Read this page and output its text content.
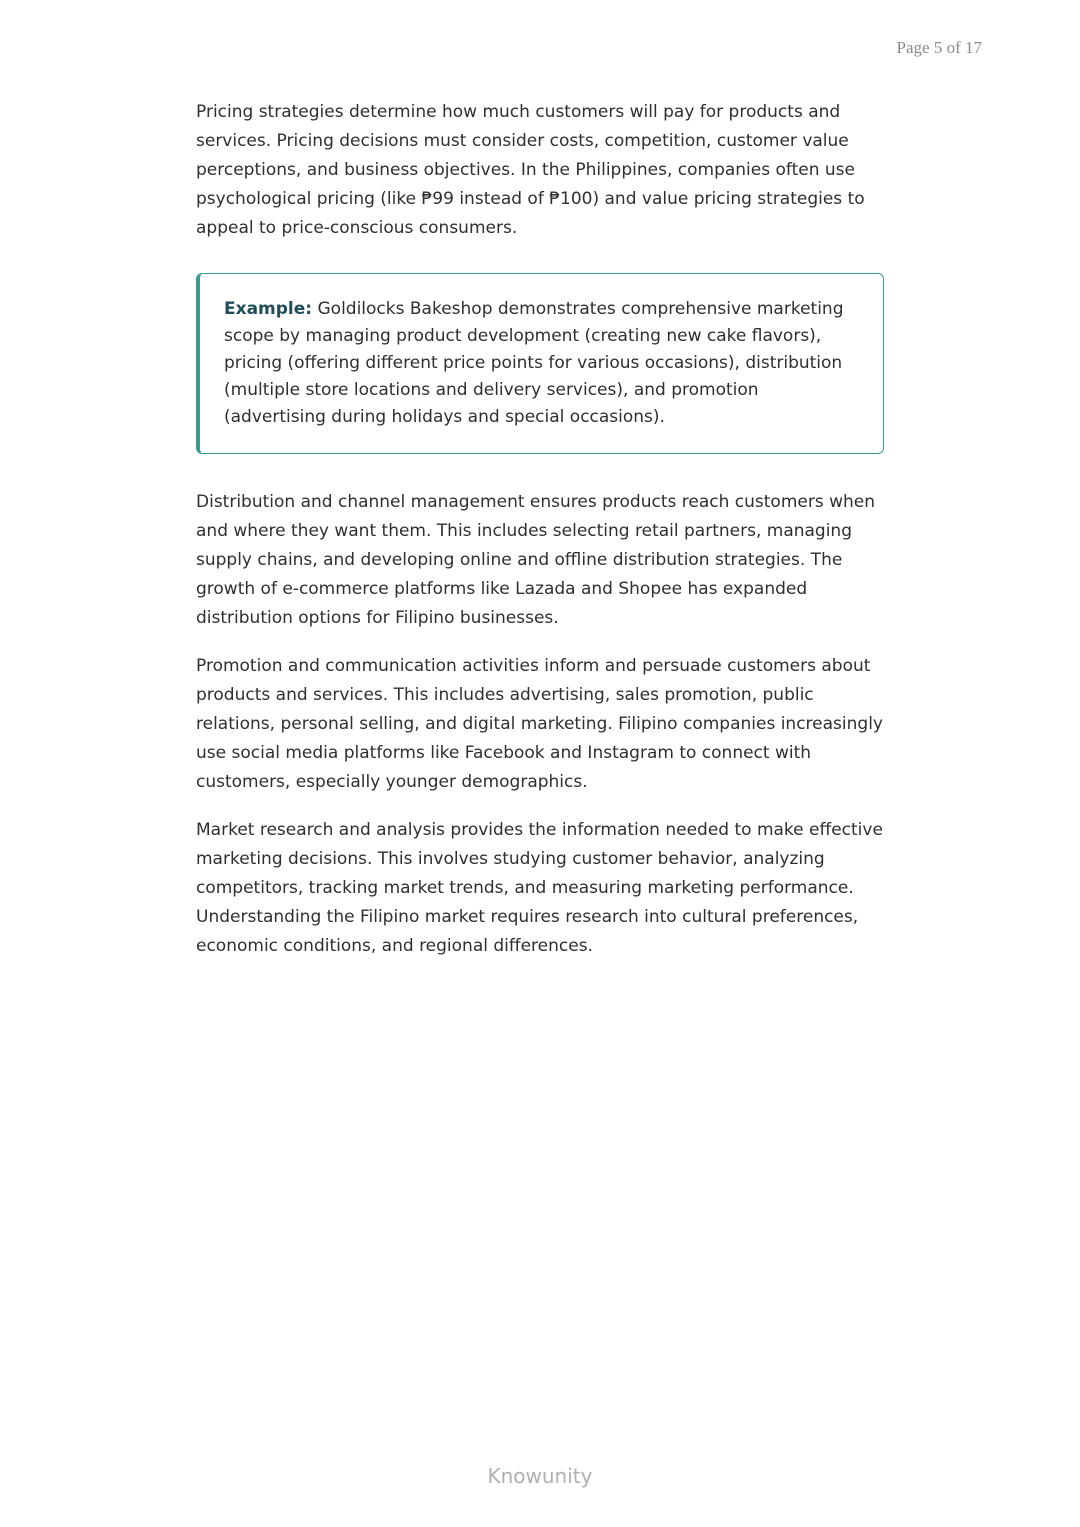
Page 5 of 17

Pricing strategies determine how much customers will pay for products and services. Pricing decisions must consider costs, competition, customer value perceptions, and business objectives. In the Philippines, companies often use psychological pricing (like ₱99 instead of ₱100) and value pricing strategies to appeal to price-conscious consumers.

Example: Goldilocks Bakeshop demonstrates comprehensive marketing scope by managing product development (creating new cake flavors), pricing (offering different price points for various occasions), distribution (multiple store locations and delivery services), and promotion (advertising during holidays and special occasions).

Distribution and channel management ensures products reach customers when and where they want them. This includes selecting retail partners, managing supply chains, and developing online and offline distribution strategies. The growth of e-commerce platforms like Lazada and Shopee has expanded distribution options for Filipino businesses.

Promotion and communication activities inform and persuade customers about products and services. This includes advertising, sales promotion, public relations, personal selling, and digital marketing. Filipino companies increasingly use social media platforms like Facebook and Instagram to connect with customers, especially younger demographics.

Market research and analysis provides the information needed to make effective marketing decisions. This involves studying customer behavior, analyzing competitors, tracking market trends, and measuring marketing performance. Understanding the Filipino market requires research into cultural preferences, economic conditions, and regional differences.

Knowunity
